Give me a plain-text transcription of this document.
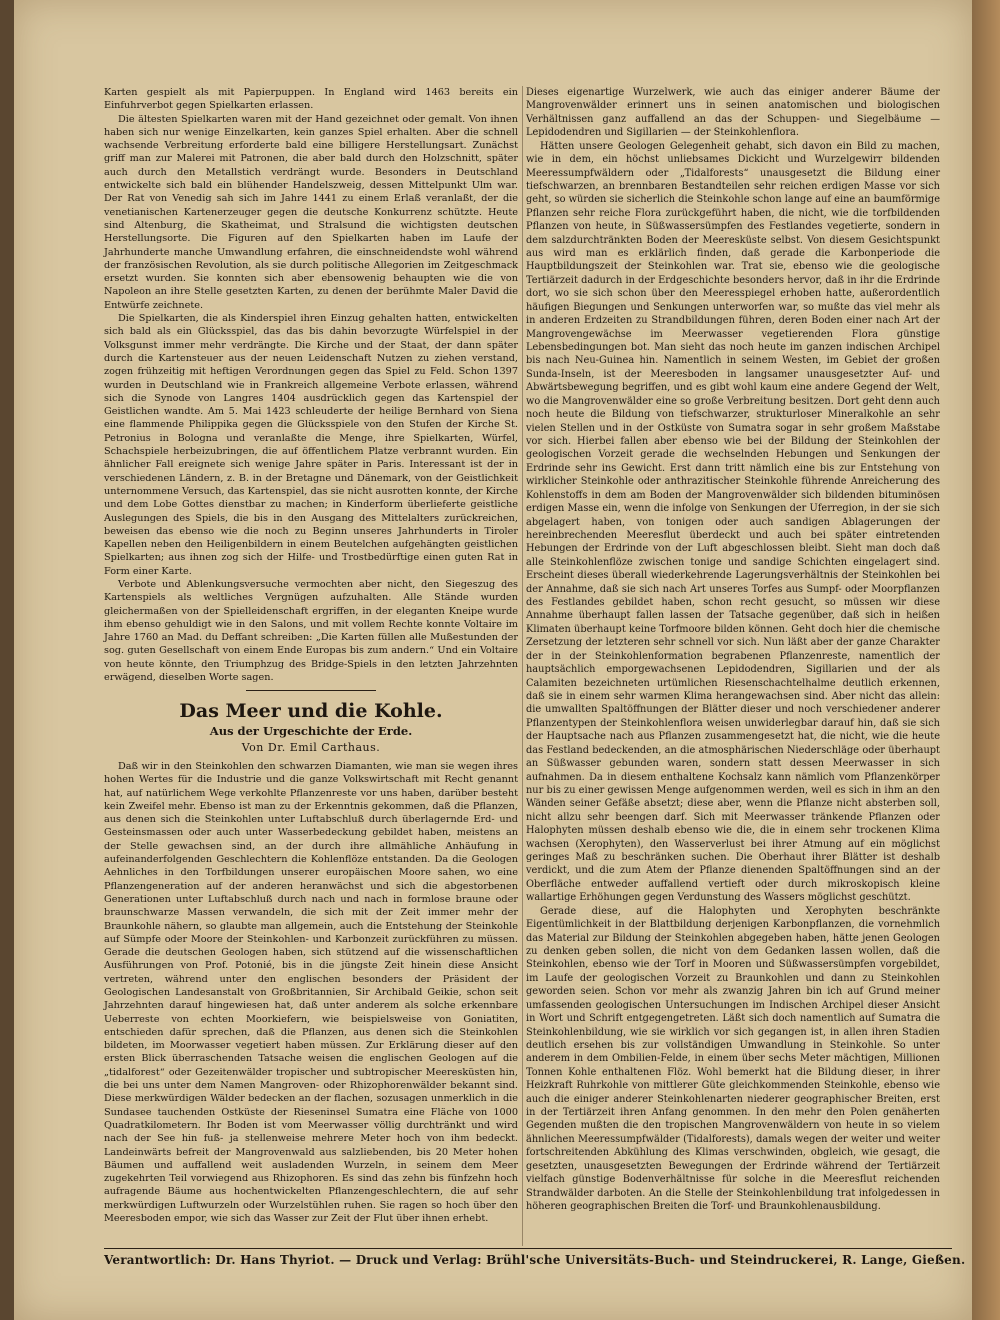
Karten gespielt als mit Papierpuppen. In England wird 1463 bereits ein Einfuhrverbot gegen Spielkarten erlassen.

Die ältesten Spielkarten waren mit der Hand gezeichnet oder gemalt. Von ihnen haben sich nur wenige Einzelkarten, kein ganzes Spiel erhalten. Aber die schnell wachsende Verbreitung erforderte bald eine billigere Herstellungsart. Zunächst griff man zur Malerei mit Patronen, die aber bald durch den Holzschnitt, später auch durch den Metallstich verdrängt wurde. Besonders in Deutschland entwickelte sich bald ein blühender Handelszweig, dessen Mittelpunkt Ulm war. Der Rat von Venedig sah sich im Jahre 1441 zu einem Erlaß veranlaßt, der die venetianischen Kartenerzeuger gegen die deutsche Konkurrenz schützte. Heute sind Altenburg, die Skatheimat, und Stralsund die wichtigsten deutschen Herstellungsorte. Die Figuren auf den Spielkarten haben im Laufe der Jahrhunderte manche Umwandlung erfahren, die einschneidendste wohl während der französischen Revolution, als sie durch politische Allegorien im Zeitgeschmack ersetzt wurden. Sie konnten sich aber ebensowenig behaupten wie die von Napoleon an ihre Stelle gesetzten Karten, zu denen der berühmte Maler David die Entwürfe zeichnete.

Die Spielkarten, die als Kinderspiel ihren Einzug gehalten hatten, entwickelten sich bald als ein Glücksspiel, das das bis dahin bevorzugte Würfelspiel in der Volksgunst immer mehr verdrängte. Die Kirche und der Staat, der dann später durch die Kartensteuer aus der neuen Leidenschaft Nutzen zu ziehen verstand, zogen frühzeitig mit heftigen Verordnungen gegen das Spiel zu Feld. Schon 1397 wurden in Deutschland wie in Frankreich allgemeine Verbote erlassen, während sich die Synode von Langres 1404 ausdrücklich gegen das Kartenspiel der Geistlichen wandte. Am 5. Mai 1423 schleuderte der heilige Bernhard von Siena eine flammende Philippika gegen die Glücksspiele von den Stufen der Kirche St. Petronius in Bologna und veranlaßte die Menge, ihre Spielkarten, Würfel, Schachspiele herbeizubringen, die auf öffentlichem Platze verbrannt wurden. Ein ähnlicher Fall ereignete sich wenige Jahre später in Paris. Interessant ist der in verschiedenen Ländern, z. B. in der Bretagne und Dänemark, von der Geistlichkeit unternommene Versuch, das Kartenspiel, das sie nicht ausrotten konnte, der Kirche und dem Lobe Gottes dienstbar zu machen; in Kinderform überlieferte geistliche Auslegungen des Spiels, die bis in den Ausgang des Mittelalters zurückreichen, beweisen das ebenso wie die noch zu Beginn unseres Jahrhunderts in Tiroler Kapellen neben den Heiligenbildern in einem Beutelchen aufgehängten geistlichen Spielkarten; aus ihnen zog sich der Hilfe- und Trostbedürftige einen guten Rat in Form einer Karte.

Verbote und Ablenkungsversuche vermochten aber nicht, den Siegeszug des Kartenspiels als weltliches Vergnügen aufzuhalten. Alle Stände wurden gleichermaßen von der Spielleidenschaft ergriffen, in der eleganten Kneipe wurde ihm ebenso gehuldigt wie in den Salons, und mit vollem Rechte konnte Voltaire im Jahre 1760 an Mad. du Deffant schreiben: „Die Karten füllen alle Mußestunden der sog. guten Gesellschaft von einem Ende Europas bis zum andern.“ Und ein Voltaire von heute könnte, den Triumphzug des Bridge-Spiels in den letzten Jahrzehnten erwägend, dieselben Worte sagen.

Das Meer und die Kohle.
Aus der Urgeschichte der Erde.
Von Dr. Emil Carthaus.

Daß wir in den Steinkohlen den schwarzen Diamanten, wie man sie wegen ihres hohen Wertes für die Industrie und die ganze Volkswirtschaft mit Recht genannt hat, auf natürlichem Wege verkohlte Pflanzenreste vor uns haben, darüber besteht kein Zweifel mehr. Ebenso ist man zu der Erkenntnis gekommen, daß die Pflanzen, aus denen sich die Steinkohlen unter Luftabschluß durch überlagernde Erd- und Gesteinsmassen oder auch unter Wasserbedeckung gebildet haben, meistens an der Stelle gewachsen sind, an der durch ihre allmähliche Anhäufung in aufeinanderfolgenden Geschlechtern die Kohlenflöze entstanden. Da die Geologen Aehnliches in den Torfbildungen unserer europäischen Moore sahen, wo eine Pflanzengeneration auf der anderen heranwächst und sich die abgestorbenen Generationen unter Luftabschluß durch nach und nach in formlose braune oder braunschwarze Massen verwandeln, die sich mit der Zeit immer mehr der Braunkohle nähern, so glaubte man allgemein, auch die Entstehung der Steinkohle auf Sümpfe oder Moore der Steinkohlen- und Karbonzeit zurückführen zu müssen. Gerade die deutschen Geologen haben, sich stützend auf die wissenschaftlichen Ausführungen von Prof. Potonié, bis in die jüngste Zeit hinein diese Ansicht vertreten, während unter den englischen besonders der Präsident der Geologischen Landesanstalt von Großbritannien, Sir Archibald Geikie, schon seit Jahrzehnten darauf hingewiesen hat, daß unter anderem als solche erkennbare Ueberreste von echten Moorkiefern, wie beispielsweise von Goniatiten, entschieden dafür sprechen, daß die Pflanzen, aus denen sich die Steinkohlen bildeten, im Moorwasser vegetiert haben müssen. Zur Erklärung dieser auf den ersten Blick überraschenden Tatsache weisen die englischen Geologen auf die „tidalforest“ oder Gezeitenwälder tropischer und subtropischer Meeresküsten hin, die bei uns unter dem Namen Mangroven- oder Rhizophorenwälder bekannt sind. Diese merkwürdigen Wälder bedecken an der flachen, sozusagen unmerklich in die Sundasee tauchenden Ostküste der Rieseninsel Sumatra eine Fläche von 1000 Quadratkilometern. Ihr Boden ist vom Meerwasser völlig durchtränkt und wird nach der See hin fuß- ja stellenweise mehrere Meter hoch von ihm bedeckt. Landeinwärts befreit der Mangrovenwald aus salzliebenden, bis 20 Meter hohen Bäumen und auffallend weit ausladenden Wurzeln, in seinem dem Meer zugekehrten Teil vorwiegend aus Rhizophoren. Es sind das zehn bis fünfzehn hoch aufragende Bäume aus hochentwickelten Pflanzengeschlechtern, die auf sehr merkwürdigen Luftwurzeln oder Wurzelstühlen ruhen. Sie ragen so hoch über den Meeresboden empor, wie sich das Wasser zur Zeit der Flut über ihnen erhebt.

Dieses eigenartige Wurzelwerk, wie auch das einiger anderer Bäume der Mangrovenwälder erinnert uns in seinen anatomischen und biologischen Verhältnissen ganz auffallend an das der Schuppen- und Siegelbäume — Lepidodendren und Sigillarien — der Steinkohlenflora.

Hätten unsere Geologen Gelegenheit gehabt, sich davon ein Bild zu machen, wie in dem, ein höchst unliebsames Dickicht und Wurzelgewirr bildenden Meeressumpfwäldern oder „Tidalforests“ unausgesetzt die Bildung einer tiefschwarzen, an brennbaren Bestandteilen sehr reichen erdigen Masse vor sich geht, so würden sie sicherlich die Steinkohle schon lange auf eine an baumförmige Pflanzen sehr reiche Flora zurückgeführt haben, die nicht, wie die torfbildenden Pflanzen von heute, in Süßwassersümpfen des Festlandes vegetierte, sondern in dem salzdurchtränkten Boden der Meeresküste selbst. Von diesem Gesichtspunkt aus wird man es erklärlich finden, daß gerade die Karbonperiode die Hauptbildungszeit der Steinkohlen war. Trat sie, ebenso wie die geologische Tertiärzeit dadurch in der Erdgeschichte besonders hervor, daß in ihr die Erdrinde dort, wo sie sich schon über den Meeresspiegel erhoben hatte, außerordentlich häufigen Biegungen und Senkungen unterworfen war, so mußte das viel mehr als in anderen Erdzeiten zu Strandbildungen führen, deren Boden einer nach Art der Mangrovengewächse im Meerwasser vegetierenden Flora günstige Lebensbedingungen bot. Man sieht das noch heute im ganzen indischen Archipel bis nach Neu-Guinea hin. Namentlich in seinem Westen, im Gebiet der großen Sunda-Inseln, ist der Meeresboden in langsamer unausgesetzter Auf- und Abwärtsbewegung begriffen, und es gibt wohl kaum eine andere Gegend der Welt, wo die Mangrovenwälder eine so große Verbreitung besitzen. Dort geht denn auch noch heute die Bildung von tiefschwarzer, strukturloser Mineralkohle an sehr vielen Stellen und in der Ostküste von Sumatra sogar in sehr großem Maßstabe vor sich. Hierbei fallen aber ebenso wie bei der Bildung der Steinkohlen der geologischen Vorzeit gerade die wechselnden Hebungen und Senkungen der Erdrinde sehr ins Gewicht. Erst dann tritt nämlich eine bis zur Entstehung von wirklicher Steinkohle oder anthrazitischer Steinkohle führende Anreicherung des Kohlenstoffs in dem am Boden der Mangrovenwälder sich bildenden bituminösen erdigen Masse ein, wenn die infolge von Senkungen der Uferregion, in der sie sich abgelagert haben, von tonigen oder auch sandigen Ablagerungen der hereinbrechenden Meeresflut überdeckt und auch bei später eintretenden Hebungen der Erdrinde von der Luft abgeschlossen bleibt. Sieht man doch daß alle Steinkohlenflöze zwischen tonige und sandige Schichten eingelagert sind. Erscheint dieses überall wiederkehrende Lagerungsverhältnis der Steinkohlen bei der Annahme, daß sie sich nach Art unseres Torfes aus Sumpf- oder Moorpflanzen des Festlandes gebildet haben, schon recht gesucht, so müssen wir diese Annahme überhaupt fallen lassen der Tatsache gegenüber, daß sich in heißen Klimaten überhaupt keine Torfmoore bilden können. Geht doch hier die chemische Zersetzung der letzteren sehr schnell vor sich. Nun läßt aber der ganze Charakter der in der Steinkohlenformation begrabenen Pflanzenreste, namentlich der hauptsächlich emporgewachsenen Lepidodendren, Sigillarien und der als Calamiten bezeichneten urtümlichen Riesenschachtelhalme deutlich erkennen, daß sie in einem sehr warmen Klima herangewachsen sind. Aber nicht das allein: die umwallten Spaltöffnungen der Blätter dieser und noch verschiedener anderer Pflanzentypen der Steinkohlenflora weisen unwiderlegbar darauf hin, daß sie sich der Hauptsache nach aus Pflanzen zusammengesetzt hat, die nicht, wie die heute das Festland bedeckenden, an die atmosphärischen Niederschläge oder überhaupt an Süßwasser gebunden waren, sondern statt dessen Meerwasser in sich aufnahmen. Da in diesem enthaltene Kochsalz kann nämlich vom Pflanzenkörper nur bis zu einer gewissen Menge aufgenommen werden, weil es sich in ihm an den Wänden seiner Gefäße absetzt; diese aber, wenn die Pflanze nicht absterben soll, nicht allzu sehr beengen darf. Sich mit Meerwasser tränkende Pflanzen oder Halophyten müssen deshalb ebenso wie die, die in einem sehr trockenen Klima wachsen (Xerophyten), den Wasserverlust bei ihrer Atmung auf ein möglichst geringes Maß zu beschränken suchen. Die Oberhaut ihrer Blätter ist deshalb verdickt, und die zum Atem der Pflanze dienenden Spaltöffnungen sind an der Oberfläche entweder auffallend vertieft oder durch mikroskopisch kleine wallartige Erhöhungen gegen Verdunstung des Wassers möglichst geschützt.

Gerade diese, auf die Halophyten und Xerophyten beschränkte Eigentümlichkeit in der Blattbildung derjenigen Karbonpflanzen, die vornehmlich das Material zur Bildung der Steinkohlen abgegeben haben, hätte jenen Geologen zu denken geben sollen, die nicht von dem Gedanken lassen wollen, daß die Steinkohlen, ebenso wie der Torf in Mooren und Süßwassersümpfen vorgebildet, im Laufe der geologischen Vorzeit zu Braunkohlen und dann zu Steinkohlen geworden seien. Schon vor mehr als zwanzig Jahren bin ich auf Grund meiner umfassenden geologischen Untersuchungen im Indischen Archipel dieser Ansicht in Wort und Schrift entgegengetreten. Läßt sich doch namentlich auf Sumatra die Steinkohlenbildung, wie sie wirklich vor sich gegangen ist, in allen ihren Stadien deutlich ersehen bis zur vollständigen Umwandlung in Steinkohle. So unter anderem in dem Ombilien-Felde, in einem über sechs Meter mächtigen, Millionen Tonnen Kohle enthaltenen Flöz. Wohl bemerkt hat die Bildung dieser, in ihrer Heizkraft Ruhrkohle von mittlerer Güte gleichkommenden Steinkohle, ebenso wie auch die einiger anderer Steinkohlenarten niederer geographischer Breiten, erst in der Tertiärzeit ihren Anfang genommen. In den mehr den Polen genäherten Gegenden mußten die den tropischen Mangrovenwäldern von heute in so vielem ähnlichen Meeressumpfwälder (Tidalforests), damals wegen der weiter und weiter fortschreitenden Abkühlung des Klimas verschwinden, obgleich, wie gesagt, die gesetzten, unausgesetzten Bewegungen der Erdrinde während der Tertiärzeit vielfach günstige Bodenverhältnisse für solche in die Meeresflut reichenden Strandwälder darboten. An die Stelle der Steinkohlenbildung trat infolgedessen in höheren geographischen Breiten die Torf- und Braunkohlenausbildung.

Verantwortlich: Dr. Hans Thyriot. — Druck und Verlag: Brühl'sche Universitäts-Buch- und Steindruckerei, R. Lange, Gießen.
